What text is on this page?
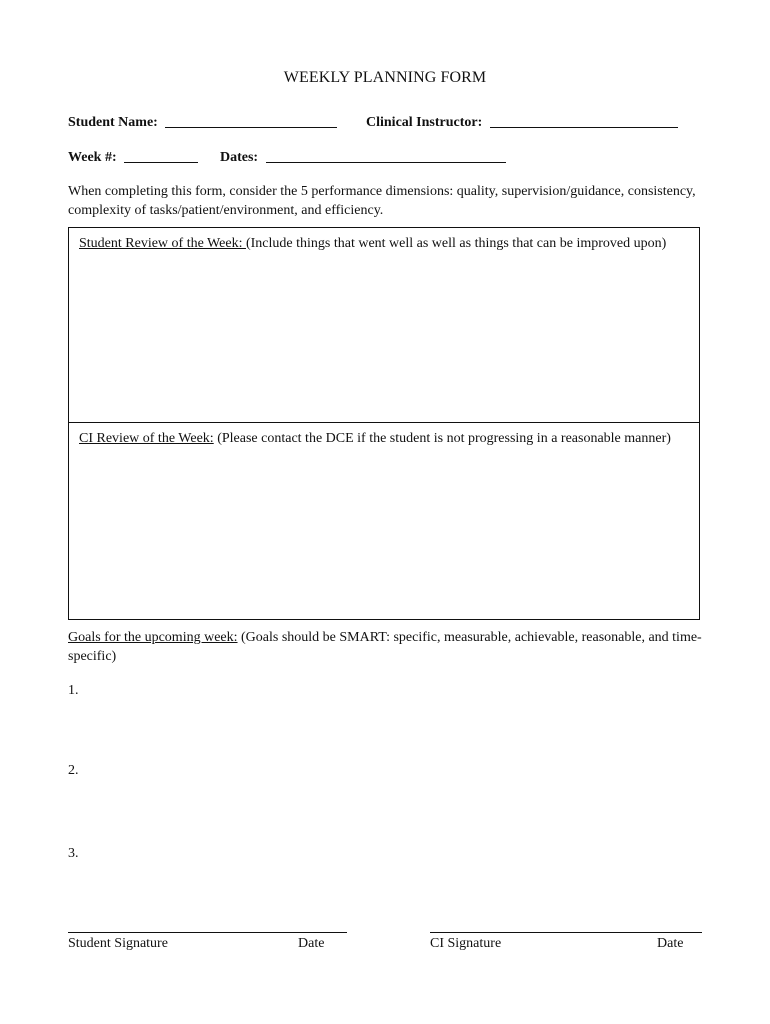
WEEKLY PLANNING FORM
Student Name:	Clinical Instructor:
Week #:	Dates:
When completing this form, consider the 5 performance dimensions: quality, supervision/guidance, consistency, complexity of tasks/patient/environment, and efficiency.
Student Review of the Week: (Include things that went well as well as things that can be improved upon)
CI Review of the Week: (Please contact the DCE if the student is not progressing in a reasonable manner)
Goals for the upcoming week: (Goals should be SMART: specific, measurable, achievable, reasonable, and time-specific)
1.
2.
3.
Student Signature	Date	CI Signature	Date
